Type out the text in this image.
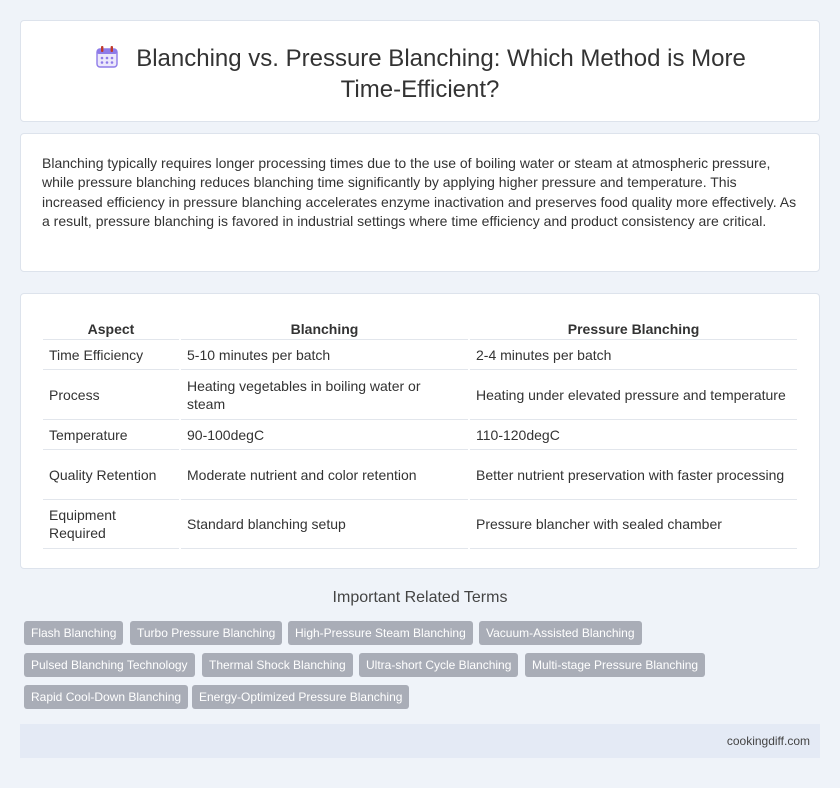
Blanching vs. Pressure Blanching: Which Method is More Time-Efficient?

Blanching typically requires longer processing times due to the use of boiling water or steam at atmospheric pressure, while pressure blanching reduces blanching time significantly by applying higher pressure and temperature. This increased efficiency in pressure blanching accelerates enzyme inactivation and preserves food quality more effectively. As a result, pressure blanching is favored in industrial settings where time efficiency and product consistency are critical.

Aspect	Blanching	Pressure Blanching
Time Efficiency	5-10 minutes per batch	2-4 minutes per batch
Process	Heating vegetables in boiling water or steam	Heating under elevated pressure and temperature
Temperature	90-100degC	110-120degC
Quality Retention	Moderate nutrient and color retention	Better nutrient preservation with faster processing
Equipment Required	Standard blanching setup	Pressure blancher with sealed chamber
Important Related Terms
Flash Blanching	Turbo Pressure Blanching	High-Pressure Steam Blanching	Vacuum-Assisted Blanching
Pulsed Blanching Technology	Thermal Shock Blanching	Ultra-short Cycle Blanching	Multi-stage Pressure Blanching
Rapid Cool-Down Blanching	Energy-Optimized Pressure Blanching
cookingdiff.com
